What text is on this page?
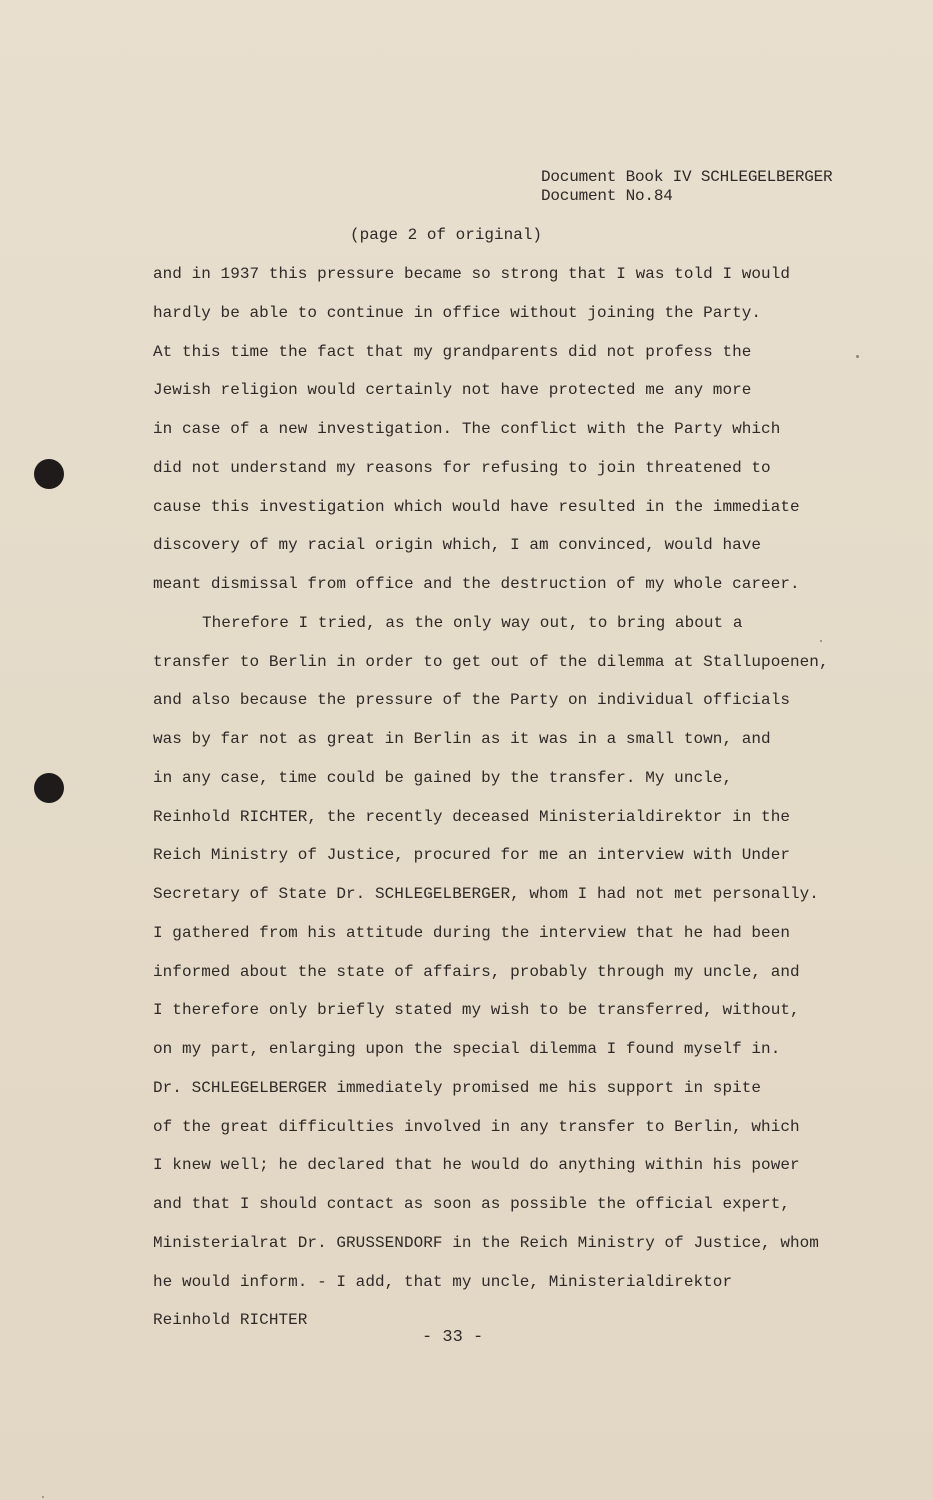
Document Book IV SCHLEGELBERGER
Document No.84
(page 2 of original)
and in 1937 this pressure became so strong that I was told I would
hardly be able to continue in office without joining the Party.
At this time the fact that my grandparents did not profess the
Jewish religion would certainly not have protected me any more
in case of a new investigation. The conflict with the Party which
did not understand my reasons for refusing to join threatened to
cause this investigation which would have resulted in the immediate
discovery of my racial origin which, I am convinced, would have
meant dismissal from office and the destruction of my whole career.
Therefore I tried, as the only way out, to bring about a
transfer to Berlin in order to get out of the dilemma at Stallupoenen,
and also because the pressure of the Party on individual officials
was by far not as great in Berlin as it was in a small town, and
in any case, time could be gained by the transfer. My uncle,
Reinhold RICHTER, the recently deceased Ministerialdirektor in the
Reich Ministry of Justice, procured for me an interview with Under
Secretary of State Dr. SCHLEGELBERGER, whom I had not met personally.
I gathered from his attitude during the interview that he had been
informed about the state of affairs, probably through my uncle, and
I therefore only briefly stated my wish to be transferred, without,
on my part, enlarging upon the special dilemma I found myself in.
Dr. SCHLEGELBERGER immediately promised me his support in spite
of the great difficulties involved in any transfer to Berlin, which
I knew well; he declared that he would do anything within his power
and that I should contact as soon as possible the official expert,
Ministerialrat Dr. GRUSSENDORF in the Reich Ministry of Justice, whom
he would inform. - I add, that my uncle, Ministerialdirektor
Reinhold RICHTER
- 33 -
